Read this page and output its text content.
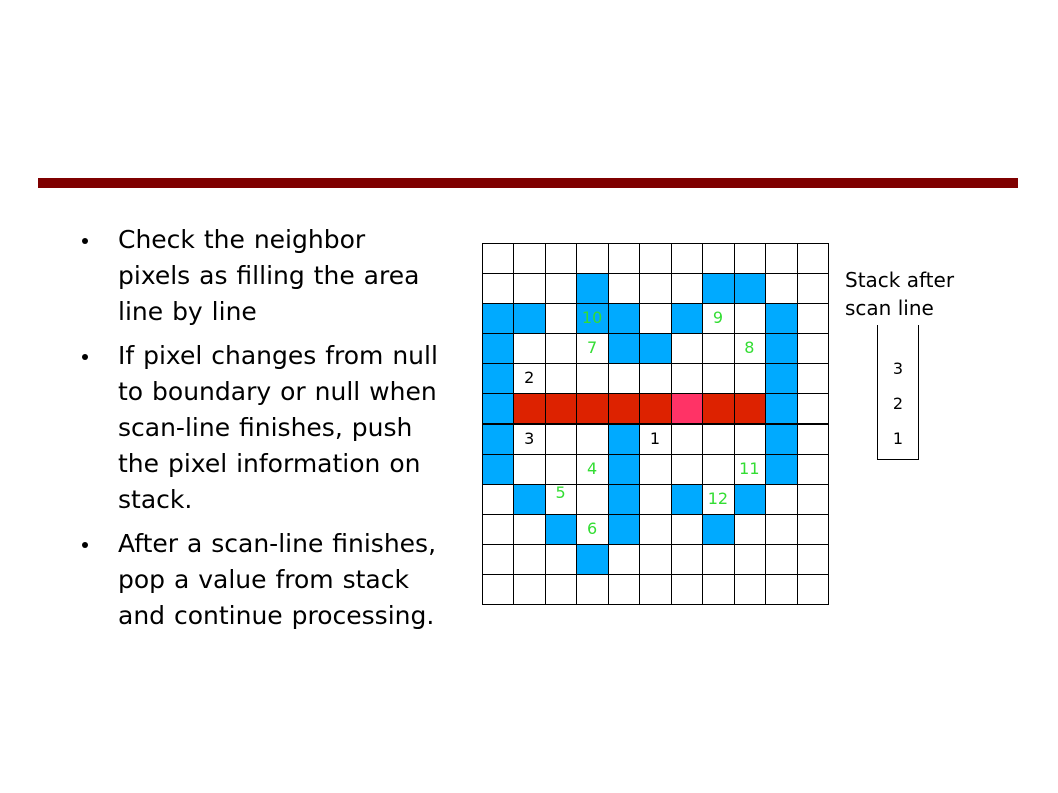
Check the neighbor pixels as filling the area line by line
If pixel changes from null to boundary or null when scan-line finishes, push the pixel information on stack.
After a scan-line finishes, pop a value from stack and continue processing.
10	9
7	8
2
3	1
4	11
5	12
6
Stack after scan line
3
2
1
